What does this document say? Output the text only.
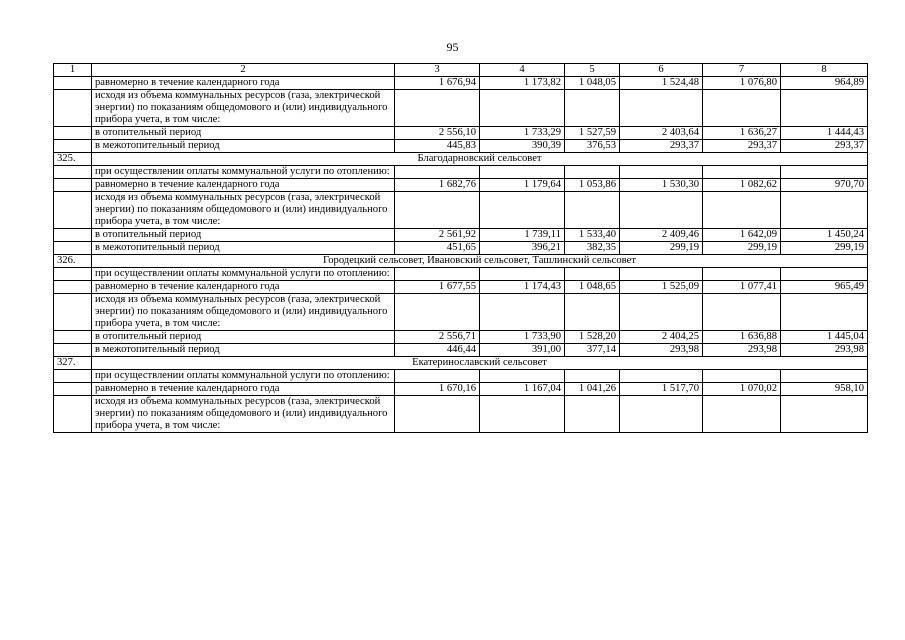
95
1	2	3	4	5	6	7	8
	равномерно в течение календарного года	1 676,94	1 173,82	1 048,05	1 524,48	1 076,80	964,89
	исходя из объема коммунальных ресурсов (газа, электрической энергии) по показаниям общедомового и (или) индивидуального прибора учета, в том числе:						
	в отопительный период	2 556,10	1 733,29	1 527,59	2 403,64	1 636,27	1 444,43
	в межотопительный период	445,83	390,39	376,53	293,37	293,37	293,37
325.	Благодарновский сельсовет						
	при осуществлении оплаты коммунальной услуги по отоплению:						
	равномерно в течение календарного года	1 682,76	1 179,64	1 053,86	1 530,30	1 082,62	970,70
	исходя из объема коммунальных ресурсов (газа, электрической энергии) по показаниям общедомового и (или) индивидуального прибора учета, в том числе:						
	в отопительный период	2 561,92	1 739,11	1 533,40	2 409,46	1 642,09	1 450,24
	в межотопительный период	451,65	396,21	382,35	299,19	299,19	299,19
326.	Городецкий сельсовет, Ивановский сельсовет, Ташлинский сельсовет						
	при осуществлении оплаты коммунальной услуги по отоплению:						
	равномерно в течение календарного года	1 677,55	1 174,43	1 048,65	1 525,09	1 077,41	965,49
	исходя из объема коммунальных ресурсов (газа, электрической энергии) по показаниям общедомового и (или) индивидуального прибора учета, в том числе:						
	в отопительный период	2 556,71	1 733,90	1 528,20	2 404,25	1 636,88	1 445,04
	в межотопительный период	446,44	391,00	377,14	293,98	293,98	293,98
327.	Екатеринославский сельсовет						
	при осуществлении оплаты коммунальной услуги по отоплению:						
	равномерно в течение календарного года	1 670,16	1 167,04	1 041,26	1 517,70	1 070,02	958,10
	исходя из объема коммунальных ресурсов (газа, электрической энергии) по показаниям общедомового и (или) индивидуального прибора учета, в том числе:						
